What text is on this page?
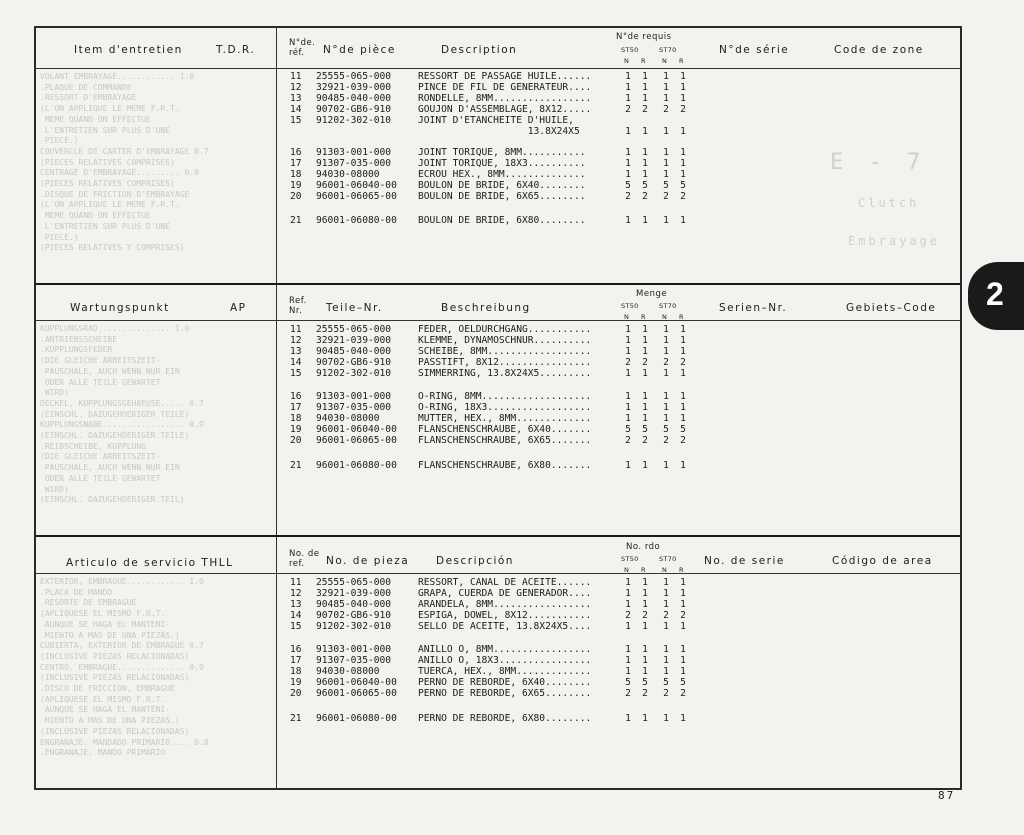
E - 7
Clutch
Embrayage
2
VOLANT EMBRAYAGE............ 1.0
.PLAQUE DE COMMANDE
.RESSORT D'EMBRAYAGE
(L'ON APPLIQUE LE MEME F.R.T.
MEME QUAND ON EFFECTUE
L'ENTRETIEN SUR PLUS D'UNE
PIECE.)
COUVERCLE DE CARTER D'EMBRAYAGE 0.7
(PIECES RELATIVES COMPRISES)
CENTRAGE D'EMBRAYAGE......... 0.9
(PIECES RELATIVES COMPRISES)
.DISQUE DE FRICTION D'EMBRAYAGE
(L'ON APPLIQUE LE MEME F.R.T.
MEME QUAND ON EFFECTUE
L'ENTRETIEN SUR PLUS D'UNE
PIECE.)
(PIECES RELATIVES Y COMPRISES)
KUPPLUNGSRAD............... 1.0
.ANTRIEBSSCHEIBE
.KUPPLUNGSFEDER
(DIE GLEICHE ARBEITSZEIT-
PAUSCHALE, AUCH WENN NUR EIN
ODER ALLE TEILE GEWARTET
WIRD)
DECKEL, KUPPLUNGSGEHAEUSE..... 0.7
(EINSCHL. DAZUGEHOERIGER TEILE)
KUPPLUNGSNABE................. 0.9
(EINSCHL. DAZUGEHOERIGER TEILE)
.REIBSCHEIBE, KUPPLUNG
(DIE GLEICHE ARBEITSZEIT-
PAUSCHALE, AUCH WENN NUR EIN
ODER ALLE TEILE GEWARTET
WIRD)
(EINSCHL. DAZUGEHOERIGER TEIL)
EXTERIOR, EMBRAGUE............ 1.0
.PLACA DE MANDO
.RESORTE DE EMBRAGUE
(APLIQUESE EL MISMO F.R.T.
AUNQUE SE HAGA EL MANTENI-
MIENTO A MAS DE UNA PIEZAS.)
CUBIERTA, EXTERIOR DE EMBRAGUE 0.7
(INCLUSIVE PIEZAS RELACIONADAS)
CENTRO, EMBRAGUE.............. 0.9
(INCLUSIVE PIEZAS RELACIONADAS)
.DISCO DE FRICCION, EMBRAGUE
(APLIQUESE EL MISMO F.R.T.
AUNQUE SE HAGA EL MANTENI-
MIENTO A MAS DE UNA PIEZAS.)
(INCLUSIVE PIEZAS RELACIONADAS)
ENGRANAJE, MANDADO PRIMARIO.... 0.8
.ENGRANAJE, MANDO PRIMARIO
Item d'entretien	T.D.R.
N°de. réf.	N°de pièce	Description
N°de requis
ST50	ST70
N R N R
N°de série	Code de zone
11	25555-065-000	RESSORT DE PASSAGE HUILE......	1 1 1 1
12	32921-039-000	PINCE DE FIL DE GENERATEUR....	1 1 1 1
13	90485-040-000	RONDELLE, 8MM.................	1 1 1 1
14	90702-GB6-910	GOUJON D'ASSEMBLAGE, 8X12.....	2 2 2 2
15	91202-302-010	JOINT D'ETANCHEITE D'HUILE,
13.8X24X5	1 1 1 1
16	91303-001-000	JOINT TORIQUE, 8MM...........	1 1 1 1
17	91307-035-000	JOINT TORIQUE, 18X3..........	1 1 1 1
18	94030-08000	ECROU HEX., 8MM..............	1 1 1 1
19	96001-06040-00 BOULON DE BRIDE, 6X40........	5 5 5 5
20	96001-06065-00 BOULON DE BRIDE, 6X65........	2 2 2 2
21	96001-06080-00 BOULON DE BRIDE, 6X80........	1 1 1 1
Wartungspunkt	AP
Ref. Nr.	Teile–Nr.	Beschreibung
Menge
ST50	ST70
N R N R
Serien–Nr.	Gebiets–Code
11	25555-065-000	FEDER, OELDURCHGANG...........	1 1 1 1
12	32921-039-000	KLEMME, DYNAMOSCHNUR..........	1 1 1 1
13	90485-040-000	SCHEIBE, 8MM..................	1 1 1 1
14	90702-GB6-910	PASSTIFT, 8X12................	2 2 2 2
15	91202-302-010	SIMMERRING, 13.8X24X5.........	1 1 1 1
16	91303-001-000	O-RING, 8MM...................	1 1 1 1
17	91307-035-000	O-RING, 18X3..................	1 1 1 1
18	94030-08000	MUTTER, HEX., 8MM.............	1 1 1 1
19	96001-06040-00 FLANSCHENSCHRAUBE, 6X40.......	5 5 5 5
20	96001-06065-00 FLANSCHENSCHRAUBE, 6X65.......	2 2 2 2
21	96001-06080-00 FLANSCHENSCHRAUBE, 6X80.......	1 1 1 1
Articulo de servicio THLL
No. de ref.	No. de pieza	Descripción
No. rdo
ST50	ST70
N R N R
No. de serie	Código de area
11	25555-065-000	RESSORT, CANAL DE ACEITE......	1 1 1 1
12	32921-039-000	GRAPA, CUERDA DE GENERADOR....	1 1 1 1
13	90485-040-000	ARANDELA, 8MM.................	1 1 1 1
14	90702-GB6-910	ESPIGA, DOWEL, 8X12...........	2 2 2 2
15	91202-302-010	SELLO DE ACEITE, 13.8X24X5....	1 1 1 1
16	91303-001-000	ANILLO O, 8MM.................	1 1 1 1
17	91307-035-000	ANILLO O, 18X3................	1 1 1 1
18	94030-08000	TUERCA, HEX., 8MM.............	1 1 1 1
19	96001-06040-00 PERNO DE REBORDE, 6X40........	5 5 5 5
20	96001-06065-00 PERNO DE REBORDE, 6X65........	2 2 2 2
21	96001-06080-00 PERNO DE REBORDE, 6X80........	1 1 1 1
87
